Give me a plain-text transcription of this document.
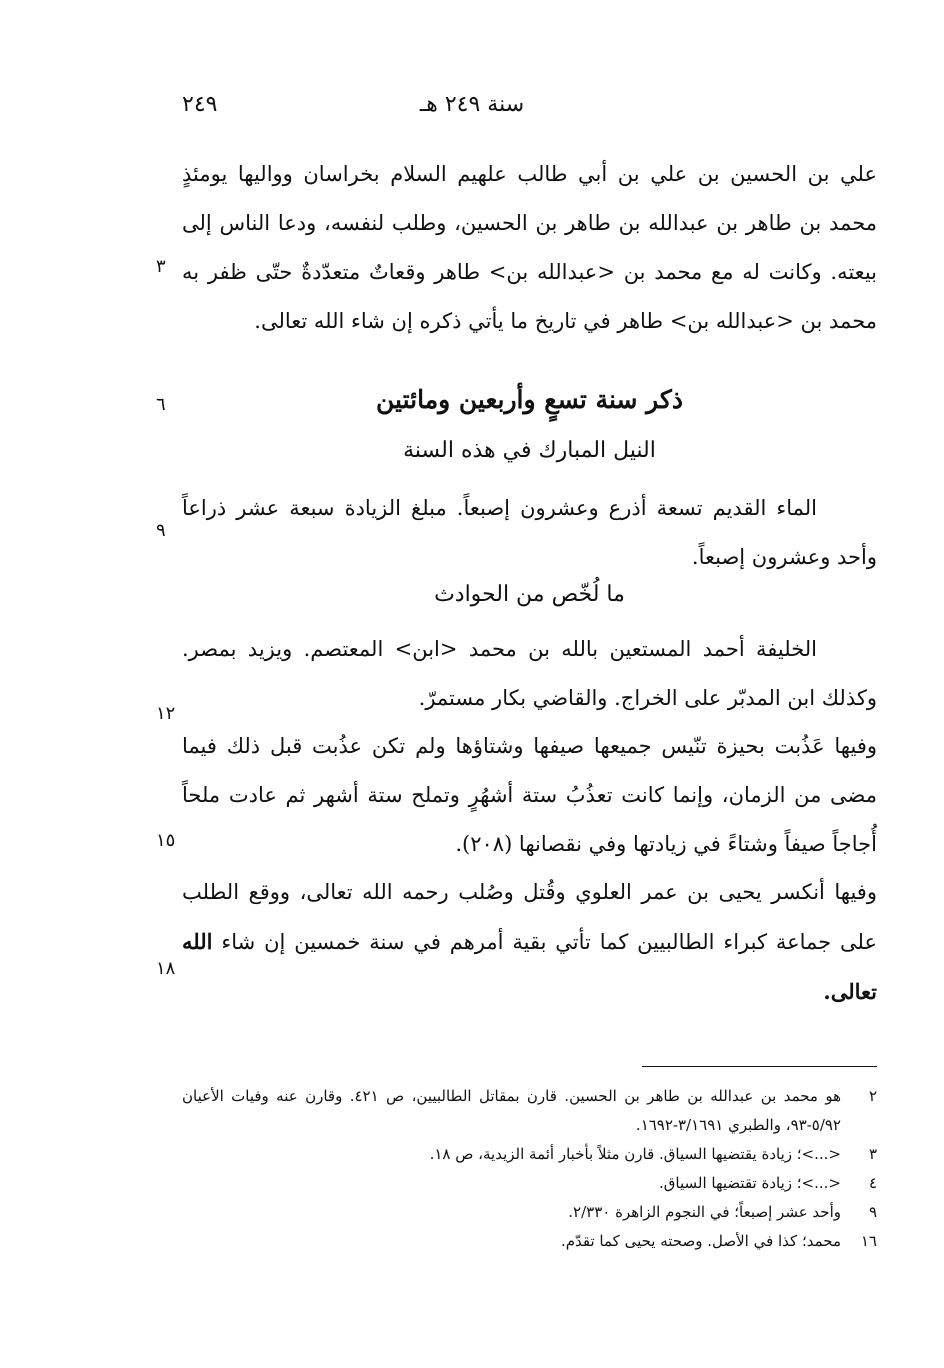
٢٤٩	سنة ٢٤٩ هـ
علي بن الحسين بن علي بن أبي طالب علهيم السلام بخراسان وواليها يومئذٍ محمد بن طاهر بن عبدالله بن طاهر بن الحسين، وطلب لنفسه، ودعا الناس إلى بيعته. وكانت له مع محمد بن <عبدالله بن> طاهر وقعاتٌ متعدّدةٌ حتّى ظفر به محمد بن <عبدالله بن> طاهر في تاريخ ما يأتي ذكره إن شاء الله تعالى.
ذكر سنة تسعٍ وأربعين ومائتين
النيل المبارك في هذه السنة
الماء القديم تسعة أذرع وعشرون إصبعاً. مبلغ الزيادة سبعة عشر ذراعاً وأحد وعشرون إصبعاً.
ما لُخّص من الحوادث
الخليفة أحمد المستعين بالله بن محمد <ابن> المعتصم. ويزيد بمصر. وكذلك ابن المدبّر على الخراج. والقاضي بكار مستمرّ.
وفيها عَذُبت بحيزة تنّيس جميعها صيفها وشتاؤها ولم تكن عذُبت قبل ذلك فيما مضى من الزمان، وإنما كانت تعذُبُ ستة أشهُرٍ وتملح ستة أشهر ثم عادت ملحاً أُجاجاً صيفاً وشتاءً في زيادتها وفي نقصانها (٢٠٨).
وفيها أنكسر يحيى بن عمر العلوي وقُتل وصُلب رحمه الله تعالى، ووقع الطلب على جماعة كبراء الطالبيين كما تأتي بقية أمرهم في سنة خمسين إن شاء الله تعالى.
٣
٦
٩
١٢
١٥
١٨
٢
هو محمد بن عبدالله بن طاهر بن الحسين. قارن بمقاتل الطالبيين، ص ٤٢١. وقارن عنه وفيات الأعيان ٥/٩٢-٩٣، والطبري ٣/١٦٩١-١٦٩٢.
٣
<...>؛ زيادة يقتضيها السياق. قارن مثلاً بأخبار أئمة الزيدية، ص ١٨.
٤
<...>؛ زيادة تقتضيها السياق.
٩
وأحد عشر إصبعاً؛ في النجوم الزاهرة ٢/٣٣٠.
١٦
محمد؛ كذا في الأصل. وصحته يحيى كما تقدّم.
